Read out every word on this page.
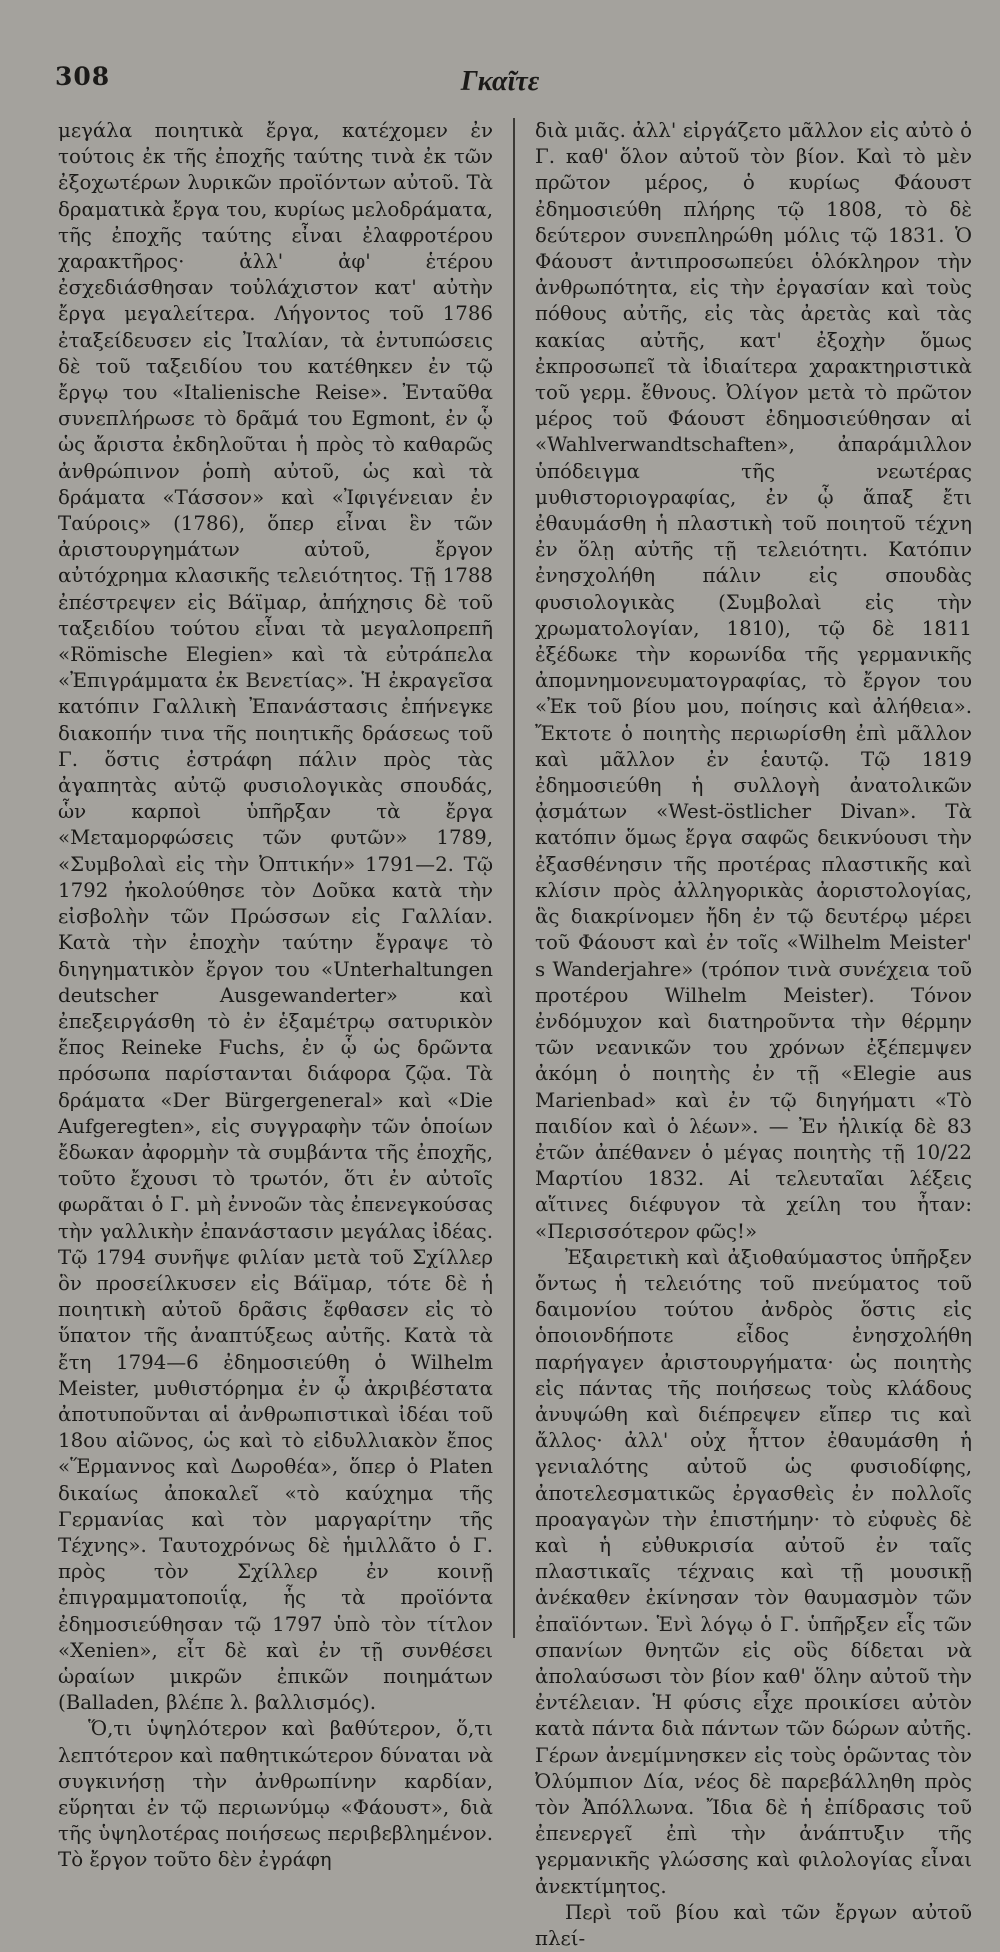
308	Γκαῖτε

μεγάλα ποιητικὰ ἔργα, κατέχομεν ἐν τούτοις ἐκ τῆς ἐποχῆς ταύτης τινὰ ἐκ τῶν ἐξοχωτέρων λυρικῶν προϊόντων αὐτοῦ. Τὰ δραματικὰ ἔργα του, κυρίως μελοδράματα, τῆς ἐποχῆς ταύτης εἶναι ἐλαφροτέρου χαρακτῆρος· ἀλλ' ἀφ' ἑτέρου ἐσχεδιάσθησαν τοὐλάχιστον κατ' αὐτὴν ἔργα μεγαλείτερα. Λήγοντος τοῦ 1786 ἐταξείδευσεν εἰς Ἰταλίαν, τὰ ἐντυπώσεις δὲ τοῦ ταξειδίου του κατέθηκεν ἐν τῷ ἔργῳ του «Italienische Reise». Ἐνταῦθα συνεπλήρωσε τὸ δρᾶμά του Egmont, ἐν ᾧ ὡς ἄριστα ἐκδηλοῦται ἡ πρὸς τὸ καθαρῶς ἀνθρώπινον ῥοπὴ αὐτοῦ, ὡς καὶ τὰ δράματα «Τάσσον» καὶ «Ἰφιγένειαν ἐν Ταύροις» (1786), ὅπερ εἶναι ἓν τῶν ἀριστουργημάτων αὐτοῦ, ἔργον αὐτόχρημα κλασικῆς τελειότητος. Τῇ 1788 ἐπέστρεψεν εἰς Βάϊμαρ, ἀπήχησις δὲ τοῦ ταξειδίου τούτου εἶναι τὰ μεγαλοπρεπῆ «Römische Elegien» καὶ τὰ εὐτράπελα «Ἐπιγράμματα ἐκ Βενετίας». Ἡ ἐκραγεῖσα κατόπιν Γαλλικὴ Ἐπανάστασις ἐπήνεγκε διακοπήν τινα τῆς ποιητικῆς δράσεως τοῦ Γ. ὅστις ἐστράφη πάλιν πρὸς τὰς ἀγαπητὰς αὐτῷ φυσιολογικὰς σπουδάς, ὧν καρποὶ ὑπῆρξαν τὰ ἔργα «Μεταμορφώσεις τῶν φυτῶν» 1789, «Συμβολαὶ εἰς τὴν Ὀπτικήν» 1791—2. Τῷ 1792 ἠκολούθησε τὸν Δοῦκα κατὰ τὴν εἰσβολὴν τῶν Πρώσσων εἰς Γαλλίαν. Κατὰ τὴν ἐποχὴν ταύτην ἔγραψε τὸ διηγηματικὸν ἔργον του «Unterhaltungen deutscher Ausgewanderter» καὶ ἐπεξειργάσθη τὸ ἐν ἑξαμέτρῳ σατυρικὸν ἔπος Reineke Fuchs, ἐν ᾧ ὡς δρῶντα πρόσωπα παρίστανται διάφορα ζῷα. Τὰ δράματα «Der Bürgergeneral» καὶ «Die Aufgeregten», εἰς συγγραφὴν τῶν ὁποίων ἔδωκαν ἀφορμὴν τὰ συμβάντα τῆς ἐποχῆς, τοῦτο ἔχουσι τὸ τρωτόν, ὅτι ἐν αὐτοῖς φωρᾶται ὁ Γ. μὴ ἐννοῶν τὰς ἐπενεγκούσας τὴν γαλλικὴν ἐπανάστασιν μεγάλας ἰδέας. Τῷ 1794 συνῆψε φιλίαν μετὰ τοῦ Σχίλλερ ὃν προσείλκυσεν εἰς Βάϊμαρ, τότε δὲ ἡ ποιητικὴ αὐτοῦ δρᾶσις ἔφθασεν εἰς τὸ ὕπατον τῆς ἀναπτύξεως αὐτῆς. Κατὰ τὰ ἔτη 1794—6 ἐδημοσιεύθη ὁ Wilhelm Meister, μυθιστόρημα ἐν ᾧ ἀκριβέστατα ἀποτυποῦνται αἱ ἀνθρωπιστικαὶ ἰδέαι τοῦ 18ου αἰῶνος, ὡς καὶ τὸ εἰδυλλιακὸν ἔπος «Ἕρμαννος καὶ Δωροθέα», ὅπερ ὁ Platen δικαίως ἀποκαλεῖ «τὸ καύχημα τῆς Γερμανίας καὶ τὸν μαργαρίτην τῆς Τέχνης». Ταυτοχρόνως δὲ ἡμιλλᾶτο ὁ Γ. πρὸς τὸν Σχίλλερ ἐν κοινῇ ἐπιγραμματοποιΐᾳ, ἧς τὰ προϊόντα ἐδημοσιεύθησαν τῷ 1797 ὑπὸ τὸν τίτλον «Xenien», εἶτ δὲ καὶ ἐν τῇ συνθέσει ὡραίων μικρῶν ἐπικῶν ποιημάτων (Balladen, βλέπε λ. βαλλισμός).

Ὅ,τι ὑψηλότερον καὶ βαθύτερον, ὅ,τι λεπτότερον καὶ παθητικώτερον δύναται νὰ συγκινήσῃ τὴν ἀνθρωπίνην καρδίαν, εὕρηται ἐν τῷ περιωνύμῳ «Φάουστ», διὰ τῆς ὑψηλοτέρας ποιήσεως περιβεβλημένον. Τὸ ἔργον τοῦτο δὲν ἐγράφη

διὰ μιᾶς. ἀλλ' εἰργάζετο μᾶλλον εἰς αὐτὸ ὁ Γ. καθ' ὅλον αὐτοῦ τὸν βίον. Καὶ τὸ μὲν πρῶτον μέρος, ὁ κυρίως Φάουστ ἐδημοσιεύθη πλήρης τῷ 1808, τὸ δὲ δεύτερον συνεπληρώθη μόλις τῷ 1831. Ὁ Φάουστ ἀντιπροσωπεύει ὁλόκληρον τὴν ἀνθρωπότητα, εἰς τὴν ἐργασίαν καὶ τοὺς πόθους αὐτῆς, εἰς τὰς ἀρετὰς καὶ τὰς κακίας αὐτῆς, κατ' ἐξοχὴν ὅμως ἐκπροσωπεῖ τὰ ἰδιαίτερα χαρακτηριστικὰ τοῦ γερμ. ἔθνους. Ὀλίγον μετὰ τὸ πρῶτον μέρος τοῦ Φάουστ ἐδημοσιεύθησαν αἱ «Wahlverwandtschaften», ἀπαράμιλλον ὑπόδειγμα τῆς νεωτέρας μυθιστοριογραφίας, ἐν ᾧ ἅπαξ ἔτι ἐθαυμάσθη ἡ πλαστικὴ τοῦ ποιητοῦ τέχνη ἐν ὅλῃ αὐτῆς τῇ τελειότητι. Κατόπιν ἐνησχολήθη πάλιν εἰς σπουδὰς φυσιολογικὰς (Συμβολαὶ εἰς τὴν χρωματολογίαν, 1810), τῷ δὲ 1811 ἐξέδωκε τὴν κορωνίδα τῆς γερμανικῆς ἀπομνημονευματογραφίας, τὸ ἔργον του «Ἐκ τοῦ βίου μου, ποίησις καὶ ἀλήθεια». Ἔκτοτε ὁ ποιητὴς περιωρίσθη ἐπὶ μᾶλλον καὶ μᾶλλον ἐν ἑαυτῷ. Τῷ 1819 ἐδημοσιεύθη ἡ συλλογὴ ἀνατολικῶν ᾀσμάτων «West-östlicher Divan». Τὰ κατόπιν ὅμως ἔργα σαφῶς δεικνύουσι τὴν ἐξασθένησιν τῆς προτέρας πλαστικῆς καὶ κλίσιν πρὸς ἀλληγορικὰς ἀοριστολογίας, ἃς διακρίνομεν ἤδη ἐν τῷ δευτέρῳ μέρει τοῦ Φάουστ καὶ ἐν τοῖς «Wilhelm Meister' s Wanderjahre» (τρόπον τινὰ συνέχεια τοῦ προτέρου Wilhelm Meister). Τόνον ἐνδόμυχον καὶ διατηροῦντα τὴν θέρμην τῶν νεανικῶν του χρόνων ἐξέπεμψεν ἀκόμη ὁ ποιητὴς ἐν τῇ «Elegie aus Marienbad» καὶ ἐν τῷ διηγήματι «Τὸ παιδίον καὶ ὁ λέων». — Ἐν ἡλικίᾳ δὲ 83 ἐτῶν ἀπέθανεν ὁ μέγας ποιητὴς τῇ 10/22 Μαρτίου 1832. Αἱ τελευταῖαι λέξεις αἵτινες διέφυγον τὰ χείλη του ἦταν: «Περισσότερον φῶς!»

Ἐξαιρετικὴ καὶ ἀξιοθαύμαστος ὑπῆρξεν ὄντως ἡ τελειότης τοῦ πνεύματος τοῦ δαιμονίου τούτου ἀνδρὸς ὅστις εἰς ὁποιονδήποτε εἶδος ἐνησχολήθη παρήγαγεν ἀριστουργήματα· ὡς ποιητὴς εἰς πάντας τῆς ποιήσεως τοὺς κλάδους ἀνυψώθη καὶ διέπρεψεν εἴπερ τις καὶ ἄλλος· ἀλλ' οὐχ ἧττον ἐθαυμάσθη ἡ γενιαλότης αὐτοῦ ὡς φυσιοδίφης, ἀποτελεσματικῶς ἐργασθεὶς ἐν πολλοῖς προαγαγὼν τὴν ἐπιστήμην· τὸ εὐφυὲς δὲ καὶ ἡ εὐθυκρισία αὐτοῦ ἐν ταῖς πλαστικαῖς τέχναις καὶ τῇ μουσικῇ ἀνέκαθεν ἐκίνησαν τὸν θαυμασμὸν τῶν ἐπαϊόντων. Ἑνὶ λόγῳ ὁ Γ. ὑπῆρξεν εἷς τῶν σπανίων θνητῶν εἰς οὓς δίδεται νὰ ἀπολαύσωσι τὸν βίον καθ' ὅλην αὐτοῦ τὴν ἐντέλειαν. Ἡ φύσις εἶχε προικίσει αὐτὸν κατὰ πάντα διὰ πάντων τῶν δώρων αὐτῆς. Γέρων ἀνεμίμνησκεν εἰς τοὺς ὁρῶντας τὸν Ὀλύμπιον Δία, νέος δὲ παρεβάλληθη πρὸς τὸν Ἀπόλλωνα. Ἴδια δὲ ἡ ἐπίδρασις τοῦ ἐπενεργεῖ ἐπὶ τὴν ἀνάπτυξιν τῆς γερμανικῆς γλώσσης καὶ φιλολογίας εἶναι ἀνεκτίμητος.

Περὶ τοῦ βίου καὶ τῶν ἔργων αὐτοῦ πλεί-
